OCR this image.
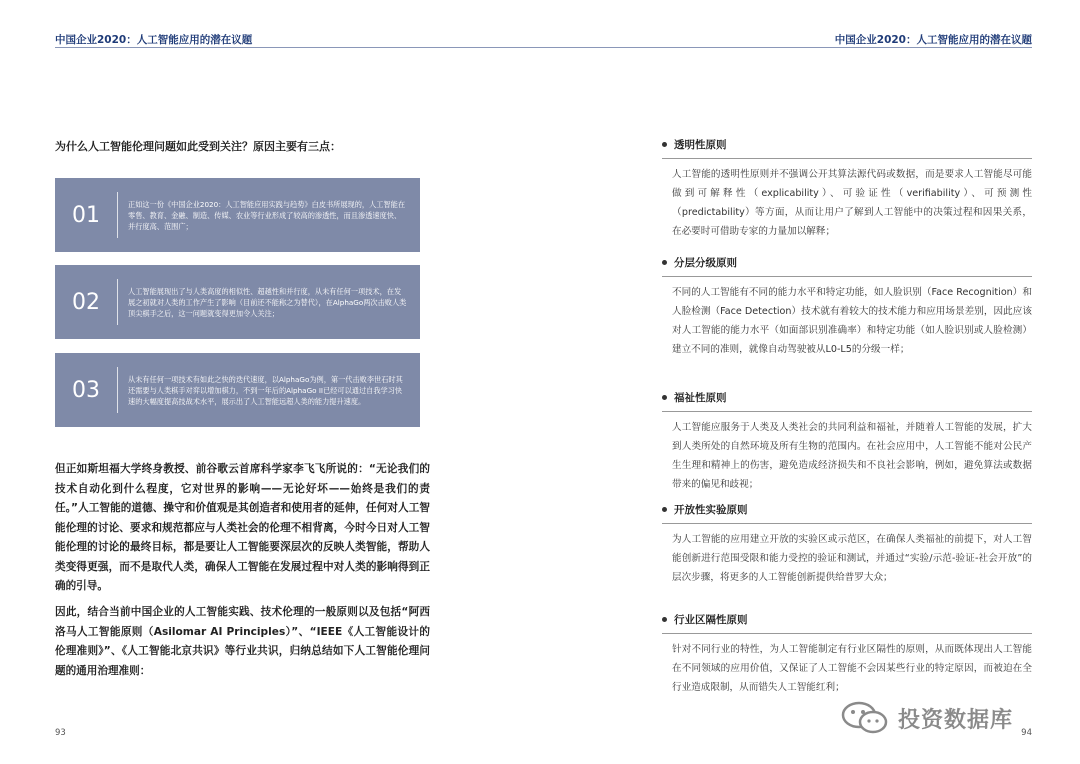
中国企业2020：人工智能应用的潜在议题
为什么人工智能伦理问题如此受到关注？原因主要有三点：
01	正如这一份《中国企业2020：人工智能应用实践与趋势》白皮书所展现的，人工智能在零售、教育、金融、制造、传媒、农业等行业形成了较高的渗透性，而且渗透速度快、并行度高、范围广；
02	人工智能展现出了与人类高度的相似性、超越性和并行度，从未有任何一项技术，在发展之初就对人类的工作产生了影响（目前还不能称之为替代），在AlphaGo两次击败人类顶尖棋手之后，这一问题就变得更加令人关注；
03	从未有任何一项技术有如此之快的迭代速度，以AlphaGo为例，第一代击败李世石时其还需要与人类棋手对弈以增加棋力，不到一年后的AlphaGo II已经可以通过自我学习快速的大幅度提高技战术水平，展示出了人工智能远超人类的能力提升速度。
但正如斯坦福大学终身教授、前谷歌云首席科学家李飞飞所说的：“无论我们的技术自动化到什么程度，它对世界的影响——无论好坏——始终是我们的责任。”人工智能的道德、操守和价值观是其创造者和使用者的延伸，任何对人工智能伦理的讨论、要求和规范都应与人类社会的伦理不相背离，今时今日对人工智能伦理的讨论的最终目标，都是要让人工智能要深层次的反映人类智能，帮助人类变得更强，而不是取代人类，确保人工智能在发展过程中对人类的影响得到正确的引导。
因此，结合当前中国企业的人工智能实践、技术伦理的一般原则以及包括“阿西洛马人工智能原则（Asilomar AI Principles）”、“IEEE《人工智能设计的伦理准则》”、《人工智能北京共识》等行业共识，归纳总结如下人工智能伦理问题的通用治理准则：
93
中国企业2020：人工智能应用的潜在议题
透明性原则
人工智能的透明性原则并不强调公开其算法源代码或数据，而是要求人工智能尽可能做到可解释性（explicability）、可验证性（verifiability）、可预测性（predictability）等方面，从而让用户了解到人工智能中的决策过程和因果关系，在必要时可借助专家的力量加以解释；
分层分级原则
不同的人工智能有不同的能力水平和特定功能，如人脸识别（Face Recognition）和人脸检测（Face Detection）技术就有着较大的技术能力和应用场景差别，因此应该对人工智能的能力水平（如面部识别准确率）和特定功能（如人脸识别或人脸检测）建立不同的准则，就像自动驾驶被从L0-L5的分级一样；
福祉性原则
人工智能应服务于人类及人类社会的共同利益和福祉，并随着人工智能的发展，扩大到人类所处的自然环境及所有生物的范围内。在社会应用中，人工智能不能对公民产生生理和精神上的伤害，避免造成经济损失和不良社会影响，例如，避免算法或数据带来的偏见和歧视；
开放性实验原则
为人工智能的应用建立开放的实验区或示范区，在确保人类福祉的前提下，对人工智能创新进行范围受限和能力受控的验证和测试，并通过“实验/示范-验证-社会开放”的层次步骤，将更多的人工智能创新提供给普罗大众；
行业区隔性原则
针对不同行业的特性，为人工智能制定有行业区隔性的原则，从而既体现出人工智能在不同领域的应用价值，又保证了人工智能不会因某些行业的特定原因，而被迫在全行业造成限制，从而错失人工智能红利；
94
投资数据库
